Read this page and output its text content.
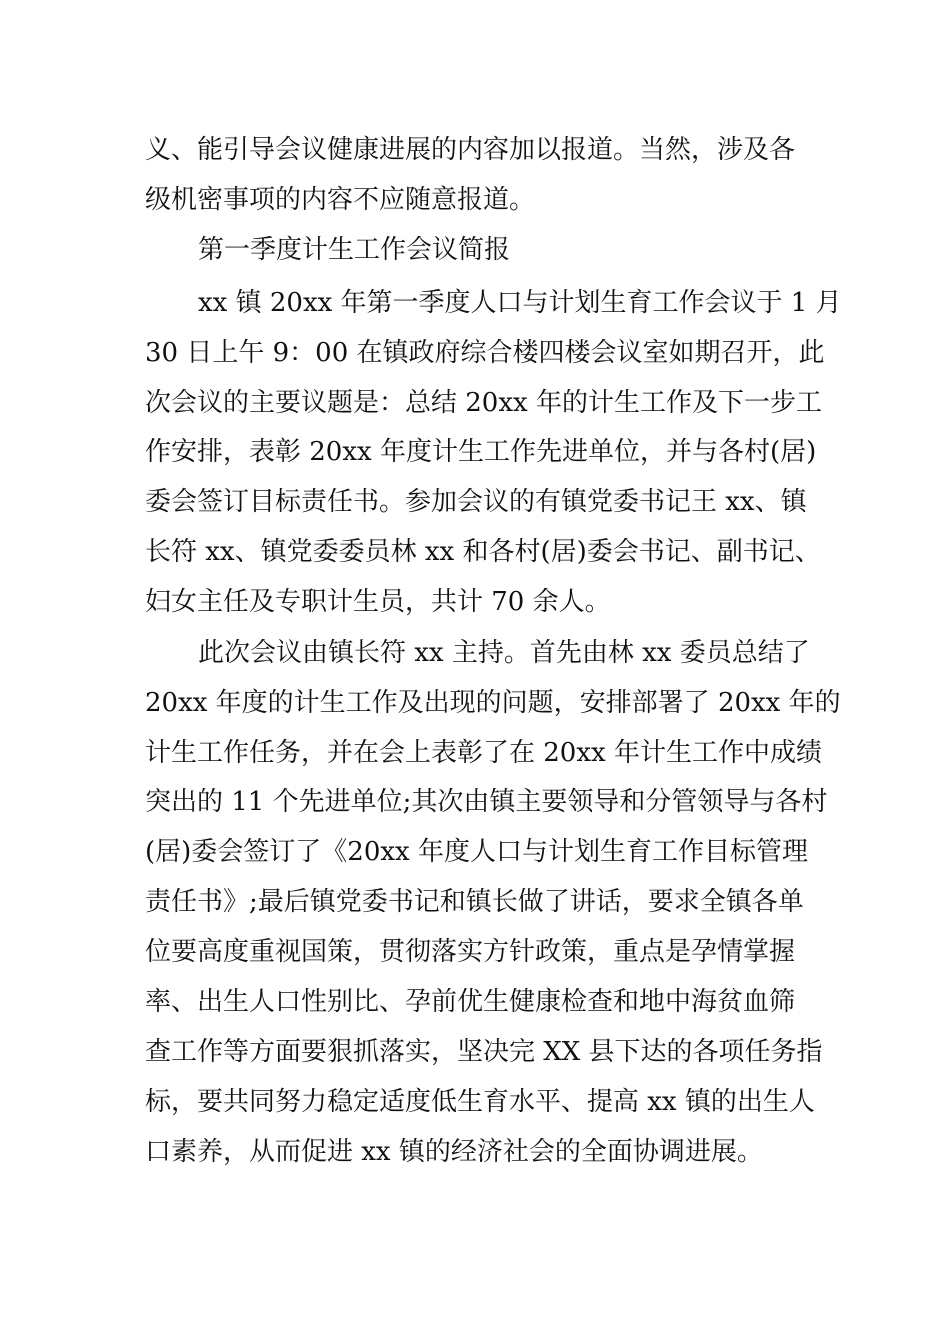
义、能引导会议健康进展的内容加以报道。当然，涉及各
级机密事项的内容不应随意报道。
第一季度计生工作会议简报
xx 镇 20xx 年第一季度人口与计划生育工作会议于 1 月
30 日上午 9：00 在镇政府综合楼四楼会议室如期召开，此
次会议的主要议题是：总结 20xx 年的计生工作及下一步工
作安排，表彰 20xx 年度计生工作先进单位，并与各村(居)
委会签订目标责任书。参加会议的有镇党委书记王 xx、镇
长符 xx、镇党委委员林 xx 和各村(居)委会书记、副书记、
妇女主任及专职计生员，共计 70 余人。
此次会议由镇长符 xx 主持。首先由林 xx 委员总结了
20xx 年度的计生工作及出现的问题，安排部署了 20xx 年的
计生工作任务，并在会上表彰了在 20xx 年计生工作中成绩
突出的 11 个先进单位;其次由镇主要领导和分管领导与各村
(居)委会签订了《20xx 年度人口与计划生育工作目标管理
责任书》;最后镇党委书记和镇长做了讲话，要求全镇各单
位要高度重视国策，贯彻落实方针政策，重点是孕情掌握
率、出生人口性别比、孕前优生健康检查和地中海贫血筛
查工作等方面要狠抓落实，坚决完 XX 县下达的各项任务指
标，要共同努力稳定适度低生育水平、提高 xx 镇的出生人
口素养，从而促进 xx 镇的经济社会的全面协调进展。
